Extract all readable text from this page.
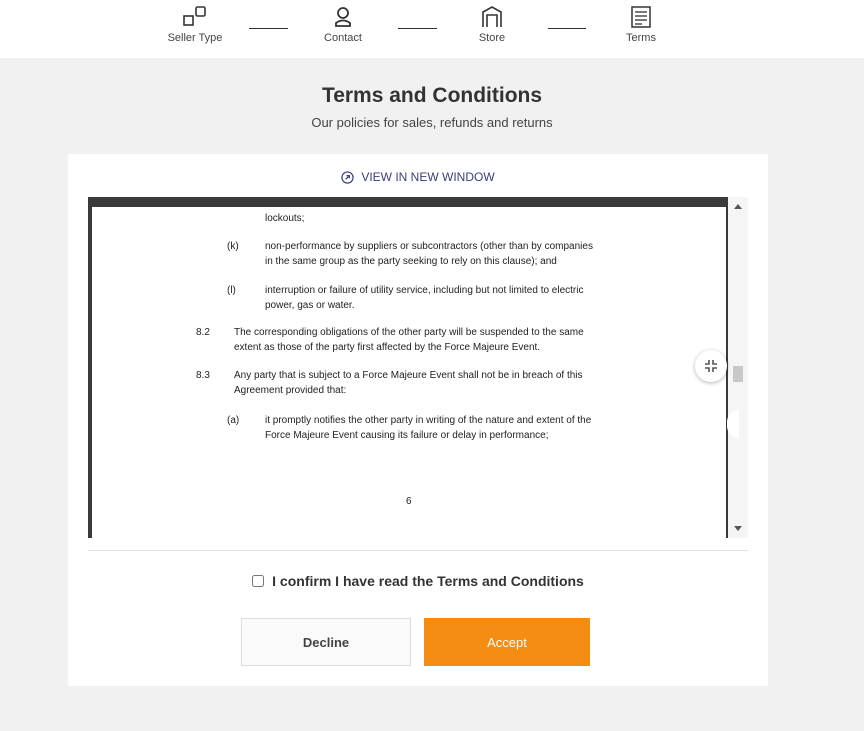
Seller Type	Contact	Store	Terms
Terms and Conditions

Our policies for sales, refunds and returns

VIEW IN NEW WINDOW
lockouts;
(k)	non-performance by suppliers or subcontractors (other than by companies
in the same group as the party seeking to rely on this clause); and
(l)	interruption or failure of utility service, including but not limited to electric
power, gas or water.
8.2 The corresponding obligations of the other party will be suspended to the same
extent as those of the party first affected by the Force Majeure Event.
8.3 Any party that is subject to a Force Majeure Event shall not be in breach of this
Agreement provided that:
(a)	it promptly notifies the other party in writing of the nature and extent of the
Force Majeure Event causing its failure or delay in performance;
6
I confirm I have read the Terms and Conditions
Decline	Accept
